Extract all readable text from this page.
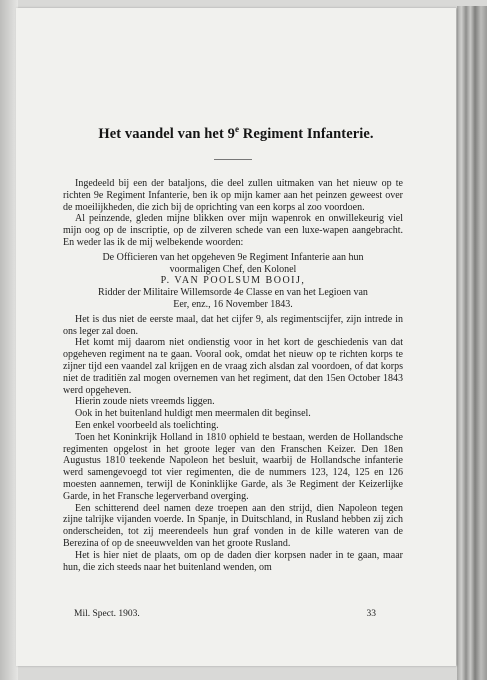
Het vaandel van het 9e Regiment Infanterie.

Ingedeeld bij een der bataljons, die deel zullen uitmaken van het nieuw op te richten 9e Regiment Infanterie, ben ik op mijn kamer aan het peinzen geweest over de moeilijkheden, die zich bij de oprichting van een korps al zoo voordoen.

Al peinzende, gleden mijne blikken over mijn wapenrok en onwillekeurig viel mijn oog op de inscriptie, op de zilveren schede van een luxe-wapen aangebracht. En weder las ik de mij welbekende woorden:

De Officieren van het opgeheven 9e Regiment Infanterie aan hun

voormaligen Chef, den Kolonel

P. VAN POOLSUM BOOIJ,

Ridder der Militaire Willemsorde 4e Classe en van het Legioen van

Eer, enz., 16 November 1843.

Het is dus niet de eerste maal, dat het cijfer 9, als regimentscijfer, zijn intrede in ons leger zal doen.

Het komt mij daarom niet ondienstig voor in het kort de geschiedenis van dat opgeheven regiment na te gaan. Vooral ook, omdat het nieuw op te richten korps te zijner tijd een vaandel zal krijgen en de vraag zich alsdan zal voordoen, of dat korps niet de traditiën zal mogen overnemen van het regiment, dat den 15en October 1843 werd opgeheven.

Hierin zoude niets vreemds liggen.

Ook in het buitenland huldigt men meermalen dit beginsel.

Een enkel voorbeeld als toelichting.

Toen het Koninkrijk Holland in 1810 ophield te bestaan, werden de Hollandsche regimenten opgelost in het groote leger van den Franschen Keizer. Den 18en Augustus 1810 teekende Napoleon het besluit, waarbij de Hollandsche infanterie werd samengevoegd tot vier regimenten, die de nummers 123, 124, 125 en 126 moesten aannemen, terwijl de Koninklijke Garde, als 3e Regiment der Keizerlijke Garde, in het Fransche legerverband overging.

Een schitterend deel namen deze troepen aan den strijd, dien Napoleon tegen zijne talrijke vijanden voerde. In Spanje, in Duitschland, in Rusland hebben zij zich onderscheiden, tot zij meerendeels hun graf vonden in de kille wateren van de Berezina of op de sneeuwvelden van het groote Rusland.

Het is hier niet de plaats, om op de daden dier korpsen nader in te gaan, maar hun, die zich steeds naar het buitenland wenden, om

Mil. Spect. 1903.	33
